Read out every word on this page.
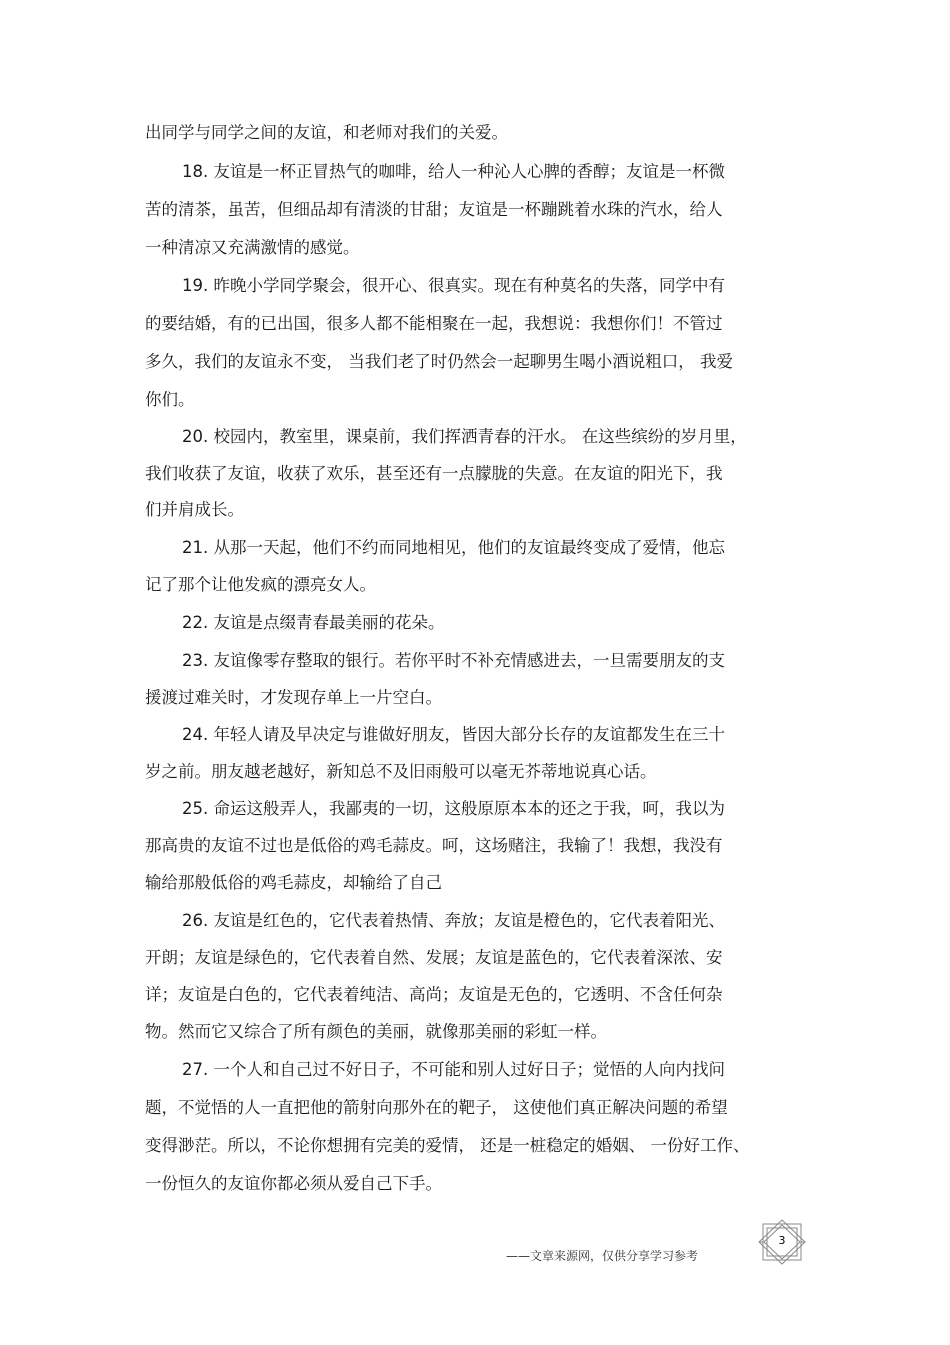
出同学与同学之间的友谊，和老师对我们的关爱。
18. 友谊是一杯正冒热气的咖啡，给人一种沁人心脾的香醇；友谊是一杯微
苦的清茶，虽苦，但细品却有清淡的甘甜；友谊是一杯蹦跳着水珠的汽水，给人
一种清凉又充满激情的感觉。
19. 昨晚小学同学聚会，很开心、很真实。现在有种莫名的失落，同学中有
的要结婚，有的已出国，很多人都不能相聚在一起，我想说：我想你们！不管过
多久，我们的友谊永不变， 当我们老了时仍然会一起聊男生喝小酒说粗口， 我爱
你们。
20. 校园内，教室里，课桌前，我们挥洒青春的汗水。 在这些缤纷的岁月里，
我们收获了友谊，收获了欢乐，甚至还有一点朦胧的失意。在友谊的阳光下，我
们并肩成长。
21. 从那一天起，他们不约而同地相见，他们的友谊最终变成了爱情，他忘
记了那个让他发疯的漂亮女人。
22. 友谊是点缀青春最美丽的花朵。
23. 友谊像零存整取的银行。若你平时不补充情感进去，一旦需要朋友的支
援渡过难关时，才发现存单上一片空白。
24. 年轻人请及早决定与谁做好朋友，皆因大部分长存的友谊都发生在三十
岁之前。朋友越老越好，新知总不及旧雨般可以毫无芥蒂地说真心话。
25. 命运这般弄人，我鄙夷的一切，这般原原本本的还之于我，呵，我以为
那高贵的友谊不过也是低俗的鸡毛蒜皮。呵，这场赌注，我输了！我想，我没有
输给那般低俗的鸡毛蒜皮，却输给了自己
26. 友谊是红色的，它代表着热情、奔放；友谊是橙色的，它代表着阳光、
开朗；友谊是绿色的，它代表着自然、发展；友谊是蓝色的，它代表着深浓、安
详；友谊是白色的，它代表着纯洁、高尚；友谊是无色的，它透明、不含任何杂
物。然而它又综合了所有颜色的美丽，就像那美丽的彩虹一样。
27. 一个人和自己过不好日子，不可能和别人过好日子；觉悟的人向内找问
题，不觉悟的人一直把他的箭射向那外在的靶子， 这使他们真正解决问题的希望
变得渺茫。所以，不论你想拥有完美的爱情， 还是一桩稳定的婚姻、 一份好工作、
一份恒久的友谊你都必须从爱自己下手。
——文章来源网，仅供分享学习参考
3
